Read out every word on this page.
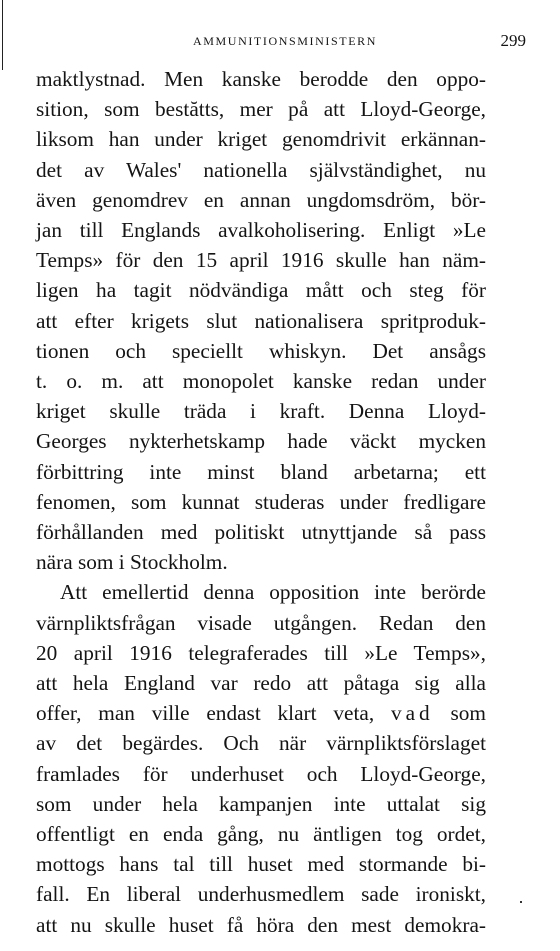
AMMUNITIONSMINISTERN	299
maktlystnad. Men kanske berodde den oppo-
sition, som bestătts, mer på att Lloyd-George,
liksom han under kriget genomdrivit erkännan-
det av Wales' nationella självständighet, nu
även genomdrev en annan ungdomsdröm, bör-
jan till Englands avalkoholisering. Enligt »Le
Temps» för den 15 april 1916 skulle han näm-
ligen ha tagit nödvändiga mått och steg för
att efter krigets slut nationalisera spritproduk-
tionen och speciellt whiskyn. Det ansågs
t. o. m. att monopolet kanske redan under
kriget skulle träda i kraft. Denna Lloyd-
Georges nykterhetskamp hade väckt mycken
förbittring inte minst bland arbetarna; ett
fenomen, som kunnat studeras under fredligare
förhållanden med politiskt utnyttjande så pass
nära som i Stockholm.
Att emellertid denna opposition inte berörde
värnpliktsfrågan visade utgången. Redan den
20 april 1916 telegraferades till »Le Temps»,
att hela England var redo att påtaga sig alla
offer, man ville endast klart veta, vad som
av det begärdes. Och när värnpliktsförslaget
framlades för underhuset och Lloyd-George,
som under hela kampanjen inte uttalat sig
offentligt en enda gång, nu äntligen tog ordet,
mottogs hans tal till huset med stormande bi-
fall. En liberal underhusmedlem sade ironiskt,
att nu skulle huset få höra den mest demokra-
